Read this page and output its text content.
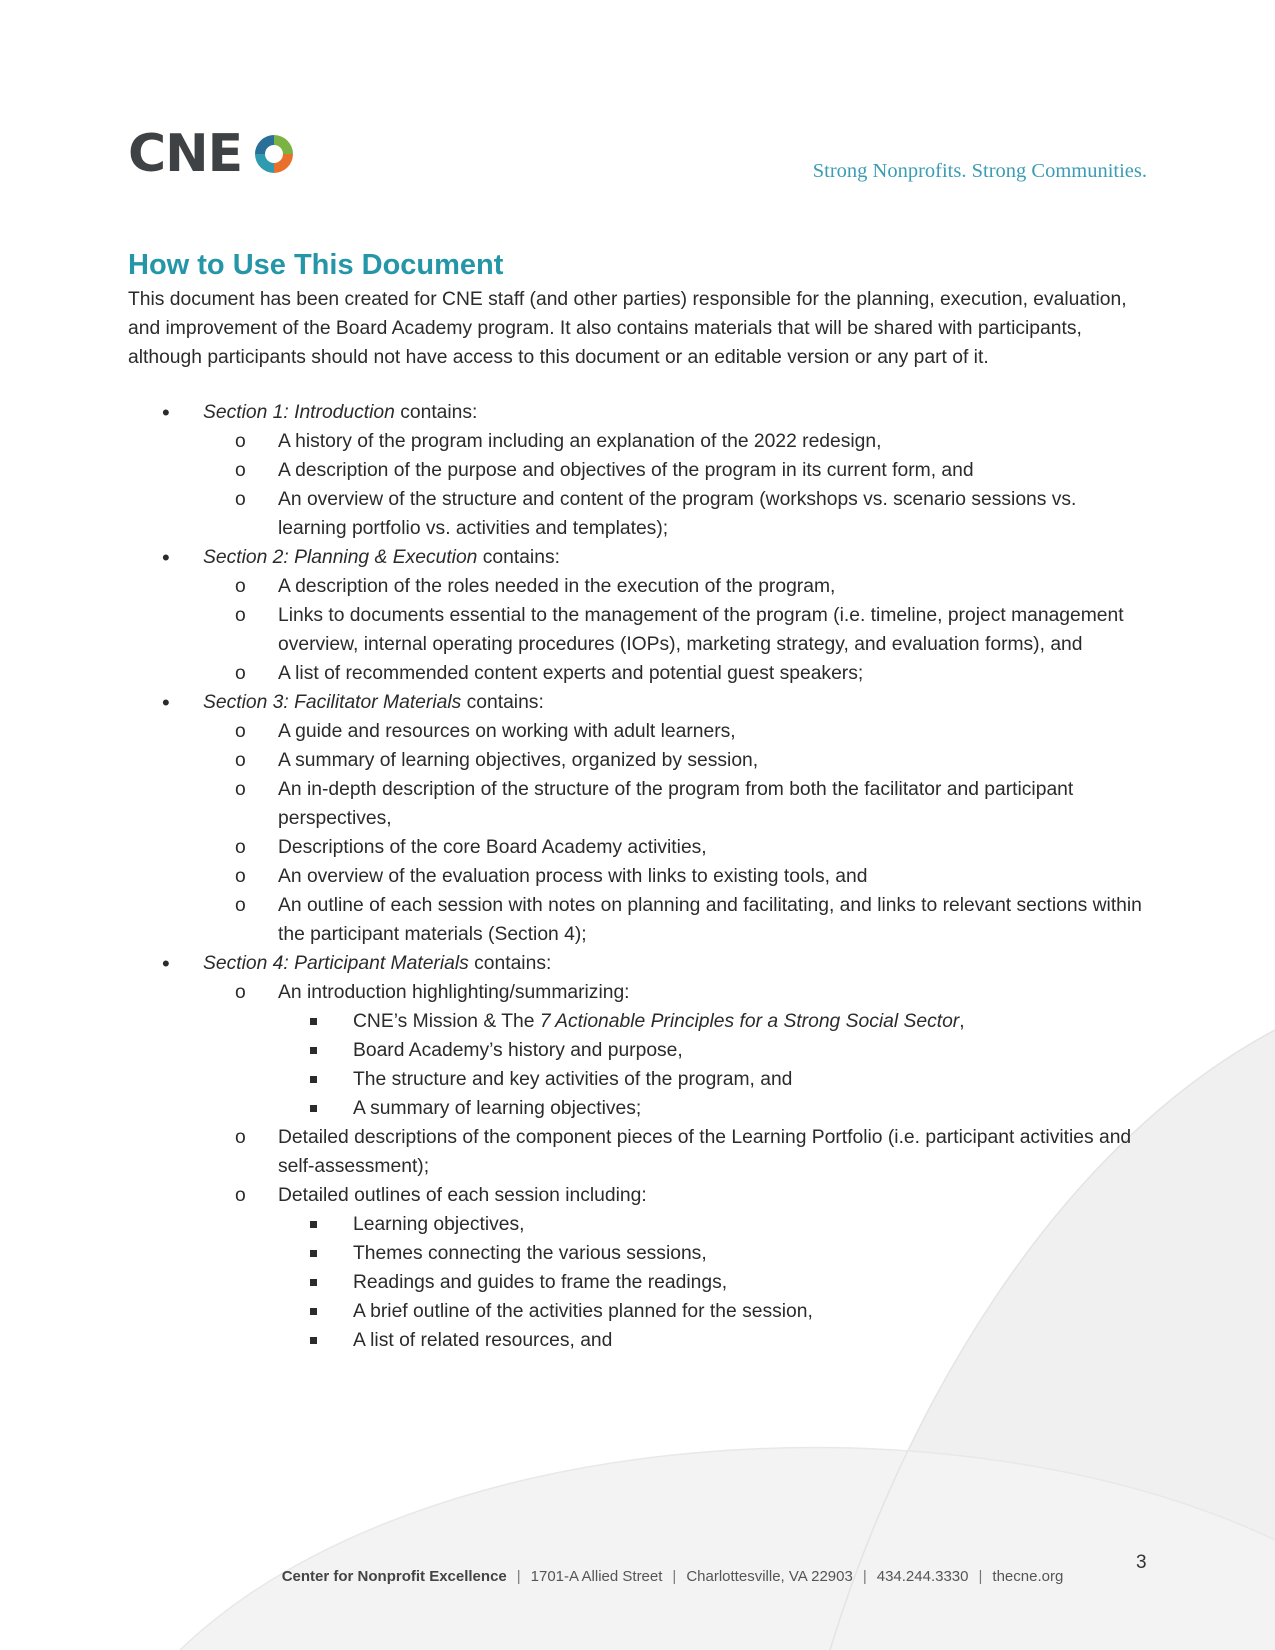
CNE	Strong Nonprofits. Strong Communities.
How to Use This Document

This document has been created for CNE staff (and other parties) responsible for the planning, execution, evaluation, and improvement of the Board Academy program. It also contains materials that will be shared with participants, although participants should not have access to this document or an editable version or any part of it.

• Section 1: Introduction contains:
o A history of the program including an explanation of the 2022 redesign,
o A description of the purpose and objectives of the program in its current form, and
o An overview of the structure and content of the program (workshops vs. scenario sessions vs. learning portfolio vs. activities and templates);
• Section 2: Planning & Execution contains:
o A description of the roles needed in the execution of the program,
o Links to documents essential to the management of the program (i.e. timeline, project management overview, internal operating procedures (IOPs), marketing strategy, and evaluation forms), and
o A list of recommended content experts and potential guest speakers;
• Section 3: Facilitator Materials contains:
o A guide and resources on working with adult learners,
o A summary of learning objectives, organized by session,
o An in-depth description of the structure of the program from both the facilitator and participant perspectives,
o Descriptions of the core Board Academy activities,
o An overview of the evaluation process with links to existing tools, and
o An outline of each session with notes on planning and facilitating, and links to relevant sections within the participant materials (Section 4);
• Section 4: Participant Materials contains:
o An introduction highlighting/summarizing:
CNE’s Mission & The 7 Actionable Principles for a Strong Social Sector,
Board Academy’s history and purpose,
The structure and key activities of the program, and
A summary of learning objectives;
o Detailed descriptions of the component pieces of the Learning Portfolio (i.e. participant activities and self-assessment);
o Detailed outlines of each session including:
Learning objectives,
Themes connecting the various sessions,
Readings and guides to frame the readings,
A brief outline of the activities planned for the session,
A list of related resources, and
3
Center for Nonprofit Excellence | 1701-A Allied Street | Charlottesville, VA 22903 | 434.244.3330 | thecne.org
